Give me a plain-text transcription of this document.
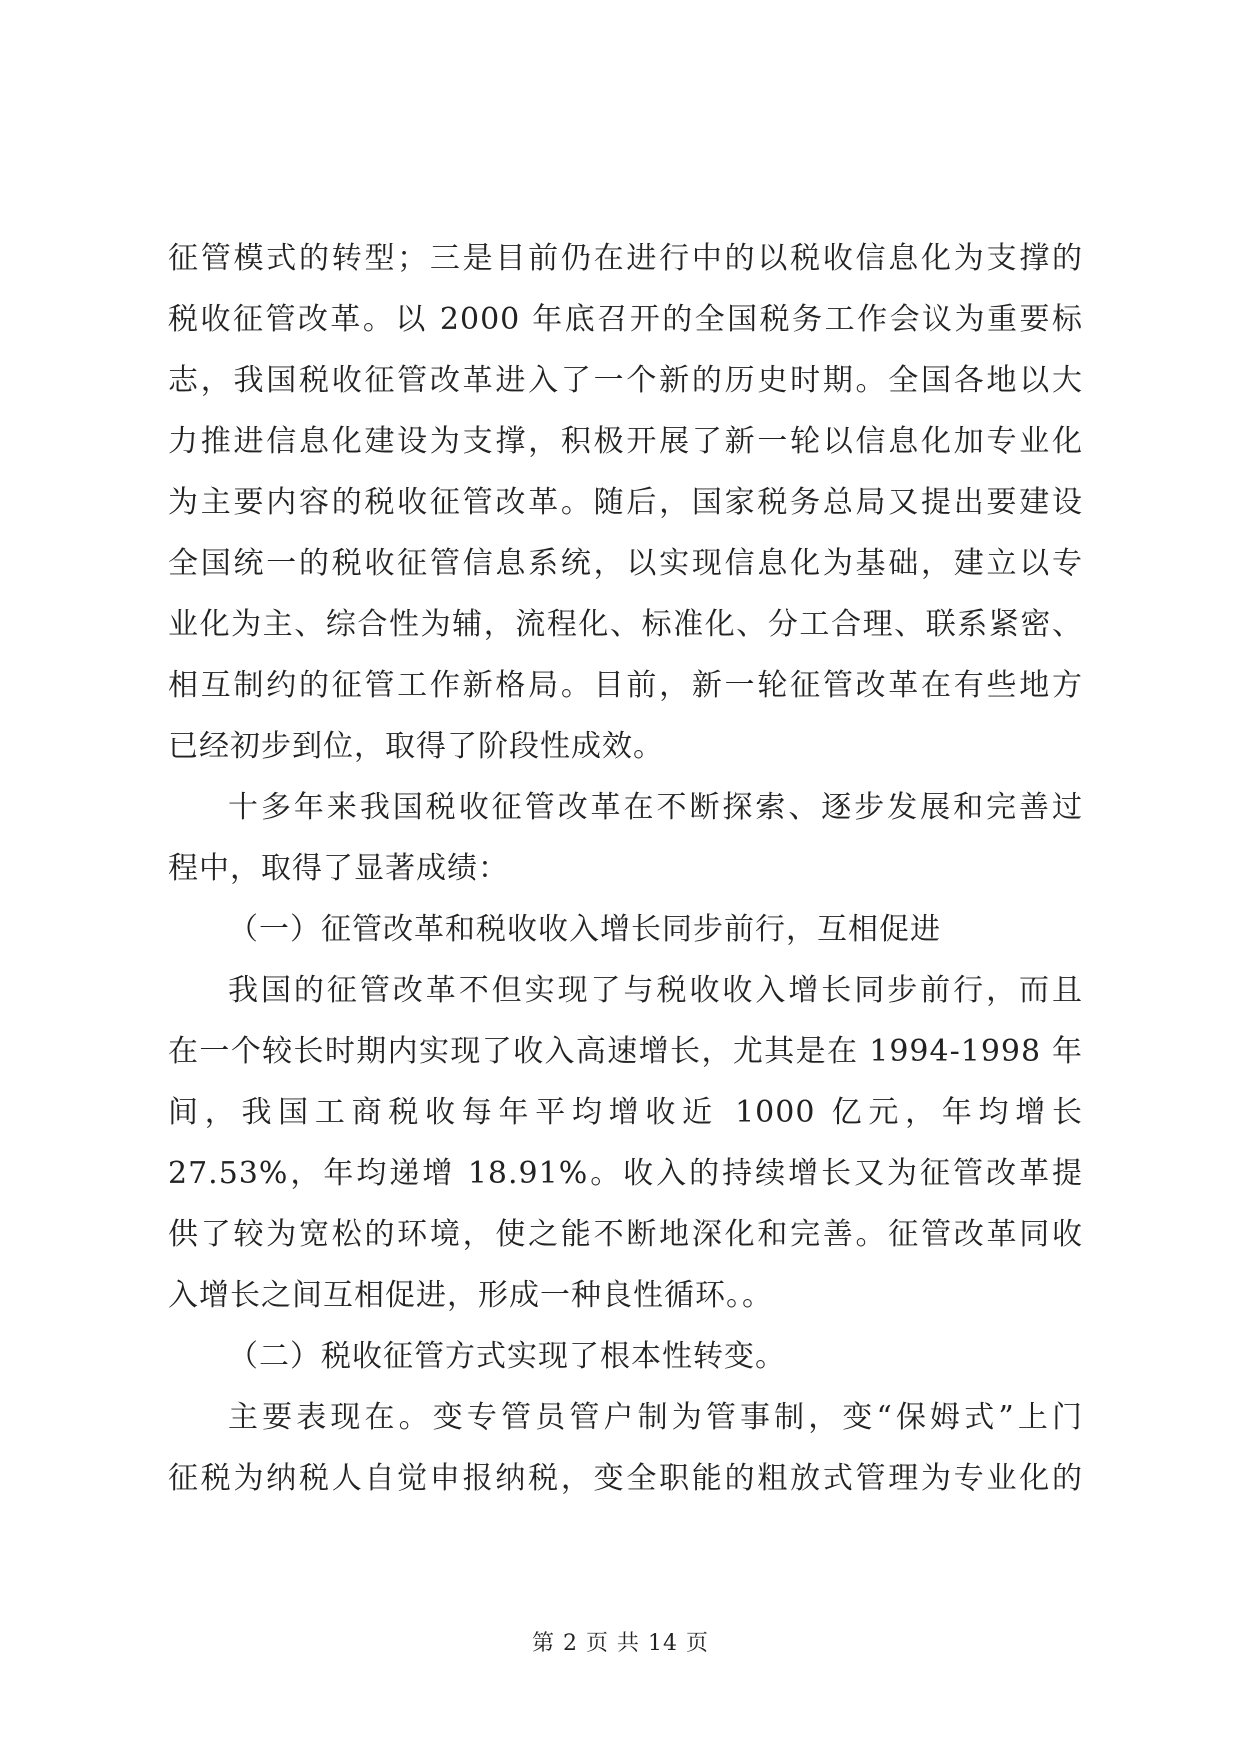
征管模式的转型；三是目前仍在进行中的以税收信息化为支撑的
税收征管改革。以 2000 年底召开的全国税务工作会议为重要标
志，我国税收征管改革进入了一个新的历史时期。全国各地以大
力推进信息化建设为支撑，积极开展了新一轮以信息化加专业化
为主要内容的税收征管改革。随后，国家税务总局又提出要建设
全国统一的税收征管信息系统，以实现信息化为基础，建立以专
业化为主、综合性为辅，流程化、标准化、分工合理、联系紧密、
相互制约的征管工作新格局。目前，新一轮征管改革在有些地方
已经初步到位，取得了阶段性成效。
十多年来我国税收征管改革在不断探索、逐步发展和完善过
程中，取得了显著成绩：
（一）征管改革和税收收入增长同步前行，互相促进
我国的征管改革不但实现了与税收收入增长同步前行，而且
在一个较长时期内实现了收入高速增长，尤其是在 1994-1998 年
间，我国工商税收每年平均增收近 1000 亿元，年均增长
27.53%，年均递增 18.91%。收入的持续增长又为征管改革提
供了较为宽松的环境，使之能不断地深化和完善。征管改革同收
入增长之间互相促进，形成一种良性循环。。
（二）税收征管方式实现了根本性转变。
主要表现在。变专管员管户制为管事制，变“保姆式”上门
征税为纳税人自觉申报纳税，变全职能的粗放式管理为专业化的
第 2 页 共 14 页
